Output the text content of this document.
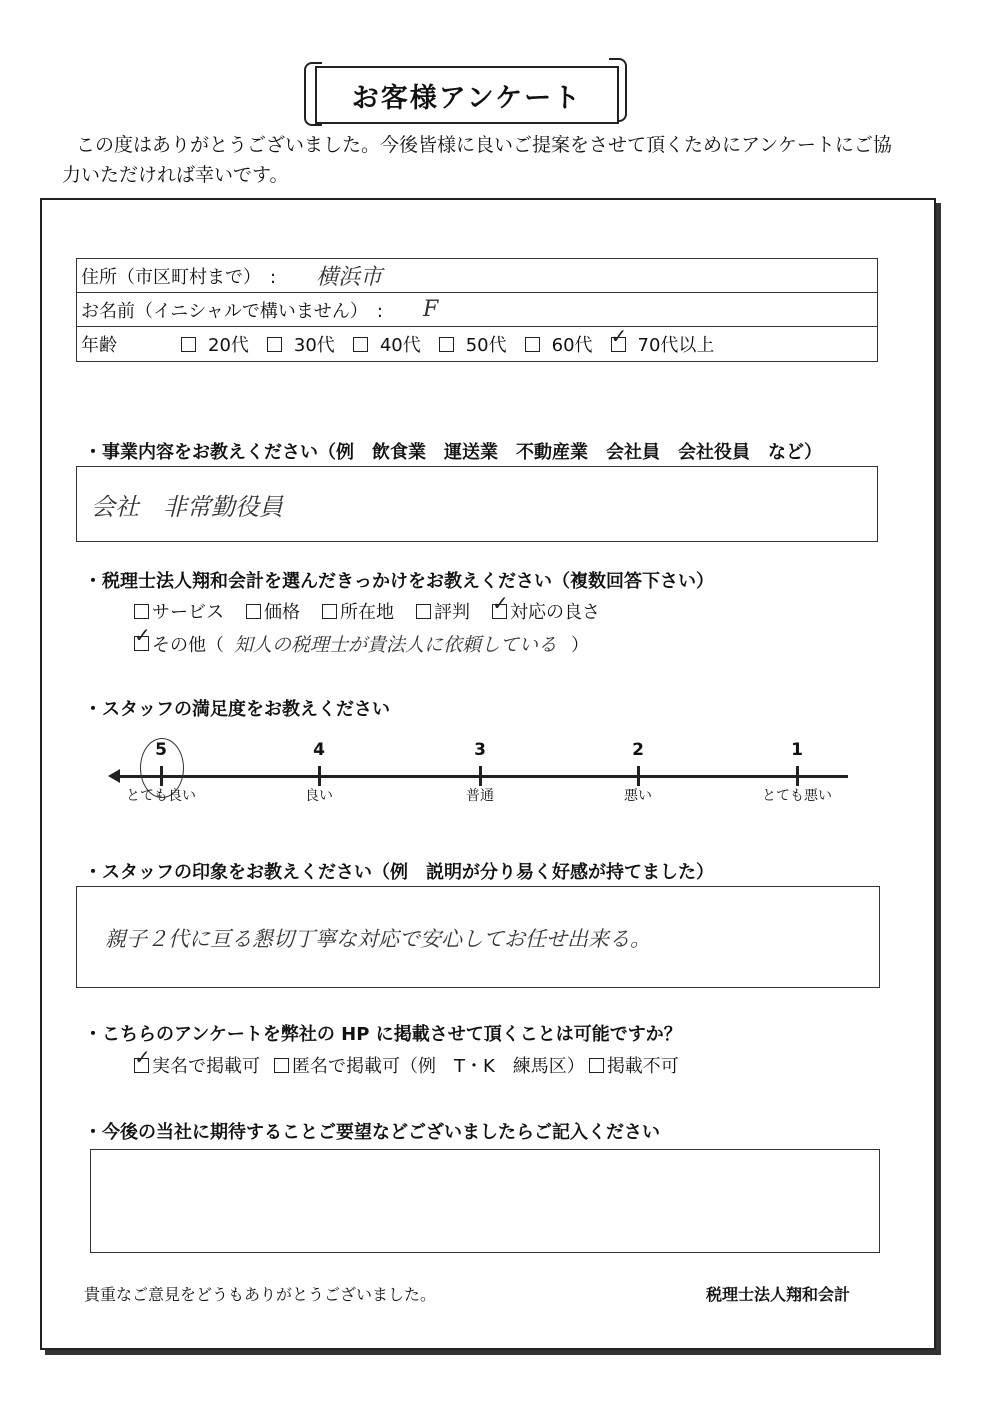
お客様アンケート
この度はありがとうございました。今後皆様に良いご提案をさせて頂くためにアンケートにご協力いただければ幸いです。
住所（市区町村まで）　: 横浜市
お名前（イニシャルで構いません）　: F
年齢	20代	30代	40代	50代	60代 ✓ 70代以上
・事業内容をお教えください（例　飲食業　運送業　不動産業　会社員　会社役員　など）
会社　非常勤役員
・税理士法人翔和会計を選んだきっかけをお教えください（複数回答下さい）
サービス 価格 所在地 評判 ✓ 対応の良さ
✓ その他（ 知人の税理士が貴法人に依頼している ）
・スタッフの満足度をお教えください
5
とても良い
4
良い
3
普通
2
悪い
1
とても悪い
・スタッフの印象をお教えください（例　説明が分り易く好感が持てました）
親子２代に亘る懇切丁寧な対応で安心してお任せ出来る。
・こちらのアンケートを弊社の HP に掲載させて頂くことは可能ですか？
✓ 実名で掲載可 匿名で掲載可（例　T・K　練馬区） 掲載不可
・今後の当社に期待することご要望などございましたらご記入ください
貴重なご意見をどうもありがとうございました。	税理士法人翔和会計
